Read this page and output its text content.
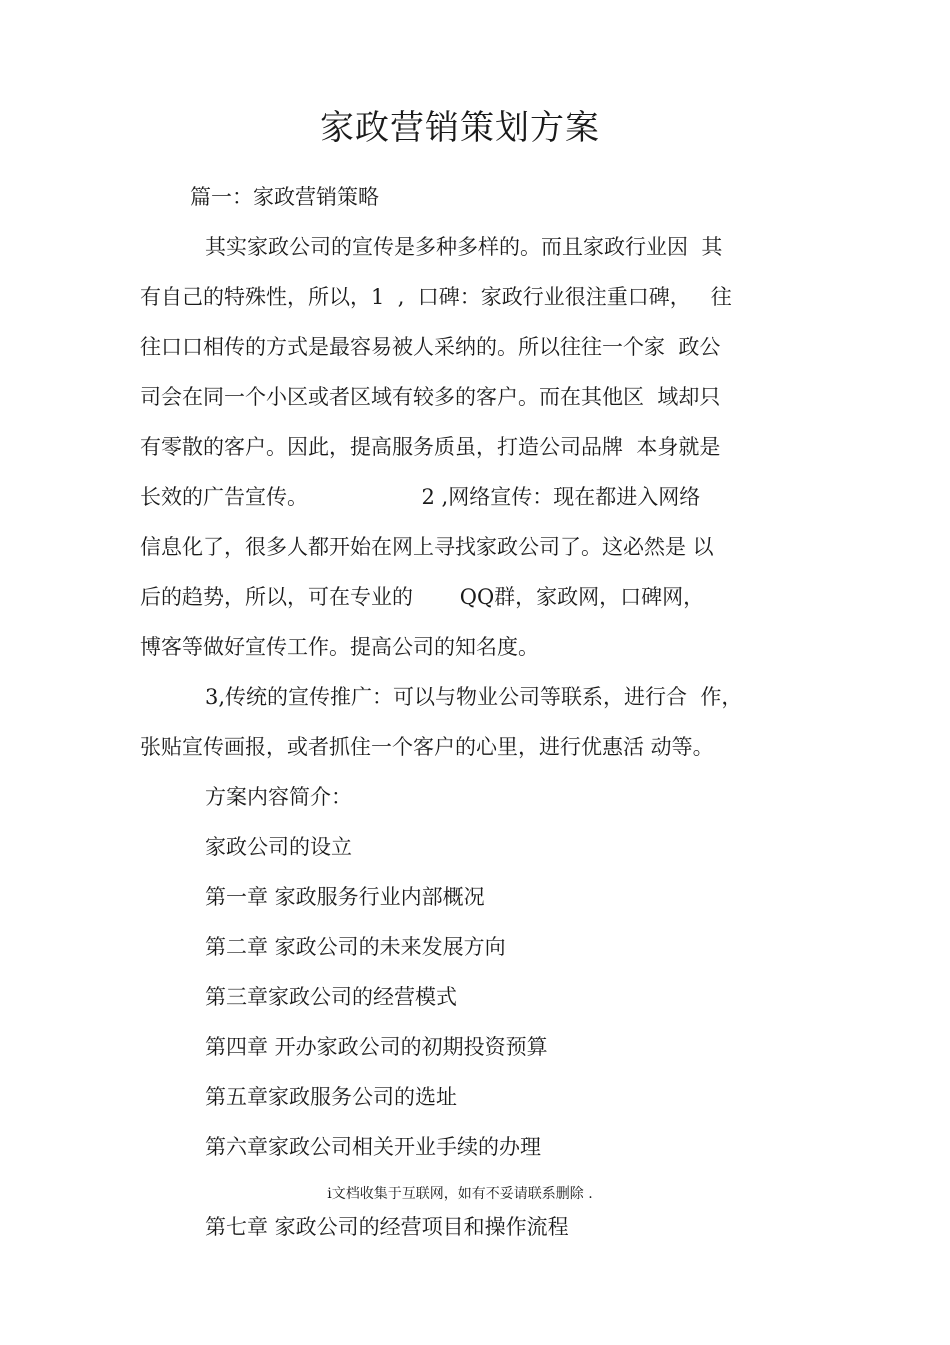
家政营销策划方案
篇一：家政营销策略
其实家政公司的宣传是多种多样的。而且家政行业因  其
有自己的特殊性，所以，1  ,  口碑：家政行业很注重口碑，   往
往口口相传的方式是最容易被人采纳的。所以往往一个家  政公
司会在同一个小区或者区域有较多的客户。而在其他区  域却只
有零散的客户。因此，提高服务质虽，打造公司品牌  本身就是
长效的广告宣传。                 2 ,网络宣传：现在都进入网络
信息化了，很多人都开始在网上寻找家政公司了。这必然是 以
后的趋势，所以，可在专业的       QQ群，家政网，口碑网，
博客等做好宣传工作。提高公司的知名度。
3,传统的宣传推广：可以与物业公司等联系，进行合  作，
张贴宣传画报，或者抓住一个客户的心里，进行优惠活 动等。
方案内容简介：
家政公司的设立
第一章 家政服务行业内部概况
第二章 家政公司的未来发展方向
第三章家政公司的经营模式
第四章 开办家政公司的初期投资预算
第五章家政服务公司的选址
第六章家政公司相关开业手续的办理
i文档收集于互联网，如有不妥请联系删除 .
第七章 家政公司的经营项目和操作流程
